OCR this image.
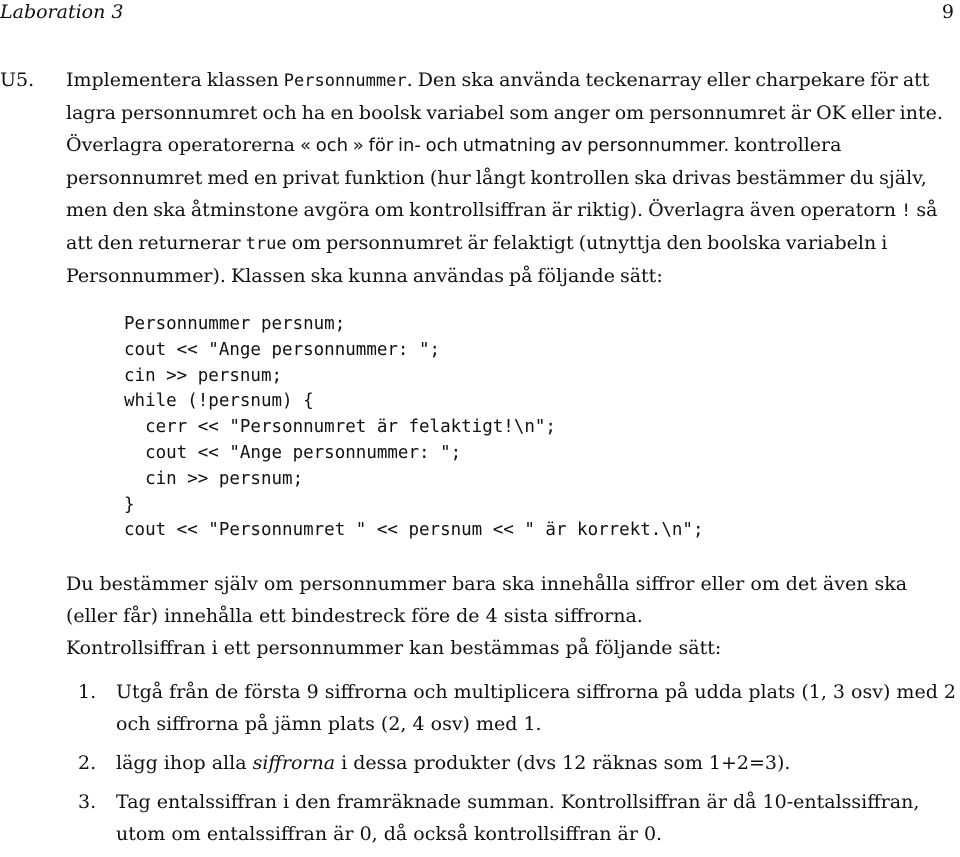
Laboration 3	9
U5. Implementera klassen Personnummer. Den ska använda teckenarray eller charpekare för att lagra personnumret och ha en boolsk variabel som anger om personnumret är OK eller inte. Överlagra operatorerna « och » för in- och utmatning av personnummer. kontrollera personnumret med en privat funktion (hur långt kontrollen ska drivas bestämmer du själv, men den ska åtminstone avgöra om kontrollsiffran är riktig). Överlagra även operatorn ! så att den returnerar true om personnumret är felaktigt (utnyttja den boolska variabeln i Personnummer). Klassen ska kunna användas på följande sätt:

Personnummer persnum;
cout << "Ange personnummer: ";
cin >> persnum;
while (!persnum) {
cerr << "Personnumret är felaktigt!\n";
cout << "Ange personnummer: ";
cin >> persnum;
}
cout << "Personnumret " << persnum << " är korrekt.\n";

Du bestämmer själv om personnummer bara ska innehålla siffror eller om det även ska (eller får) innehålla ett bindestreck före de 4 sista siffrorna.

Kontrollsiffran i ett personnummer kan bestämmas på följande sätt:

1. Utgå från de första 9 siffrorna och multiplicera siffrorna på udda plats (1, 3 osv) med 2 och siffrorna på jämn plats (2, 4 osv) med 1.
2. lägg ihop alla siffrorna i dessa produkter (dvs 12 räknas som 1+2=3).
3. Tag entalssiffran i den framräknade summan. Kontrollsiffran är då 10-entalssiffran, utom om entalssiffran är 0, då också kontrollsiffran är 0.
